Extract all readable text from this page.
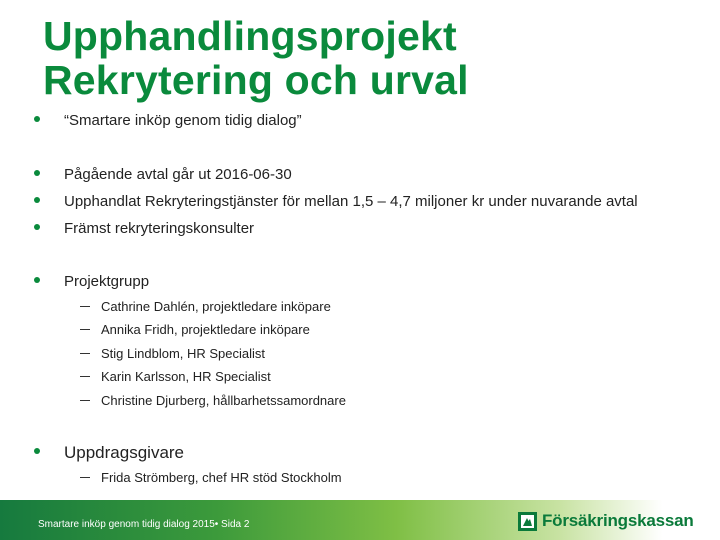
Upphandlingsprojekt
Rekrytering och urval
“Smartare inköp genom tidig dialog”
Pågående avtal går ut 2016-06-30
Upphandlat Rekryteringstjänster för mellan 1,5 – 4,7 miljoner kr under nuvarande avtal
Främst rekryteringskonsulter
Projektgrupp
Cathrine Dahlén, projektledare inköpare
Annika Fridh, projektledare inköpare
Stig Lindblom, HR Specialist
Karin Karlsson, HR Specialist
Christine Djurberg, hållbarhetssamordnare
Uppdragsgivare
Frida Strömberg, chef HR stöd Stockholm
Smartare inköp genom tidig dialog 2015• Sida 2	Försäkringskassan
